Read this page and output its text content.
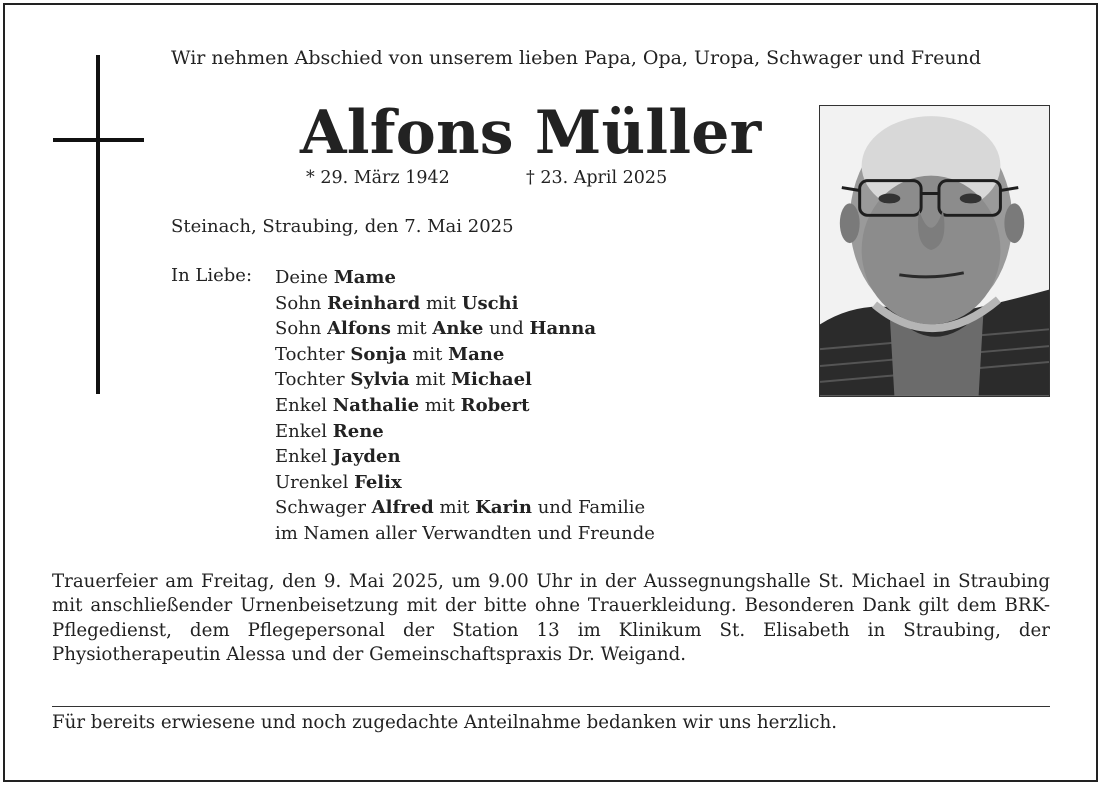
Wir nehmen Abschied von unserem lieben Papa, Opa, Uropa, Schwager und Freund
Alfons Müller
* 29. März 1942	† 23. April 2025
Steinach, Straubing, den 7. Mai 2025
In Liebe: Deine Mame
Sohn Reinhard mit Uschi
Sohn Alfons mit Anke und Hanna
Tochter Sonja mit Mane
Tochter Sylvia mit Michael
Enkel Nathalie mit Robert
Enkel Rene
Enkel Jayden
Urenkel Felix
Schwager Alfred mit Karin und Familie
im Namen aller Verwandten und Freunde
Trauerfeier am Freitag, den 9. Mai 2025, um 9.00 Uhr in der Aussegnungshalle St. Michael in Straubing mit anschließender Urnenbeisetzung mit der bitte ohne Trauerkleidung. Besonderen Dank gilt dem BRK-Pflegedienst, dem Pflegepersonal der Station 13 im Klinikum St. Elisabeth in Straubing, der Physiotherapeutin Alessa und der Gemeinschaftspraxis Dr. Weigand.
Für bereits erwiesene und noch zugedachte Anteilnahme bedanken wir uns herzlich.
